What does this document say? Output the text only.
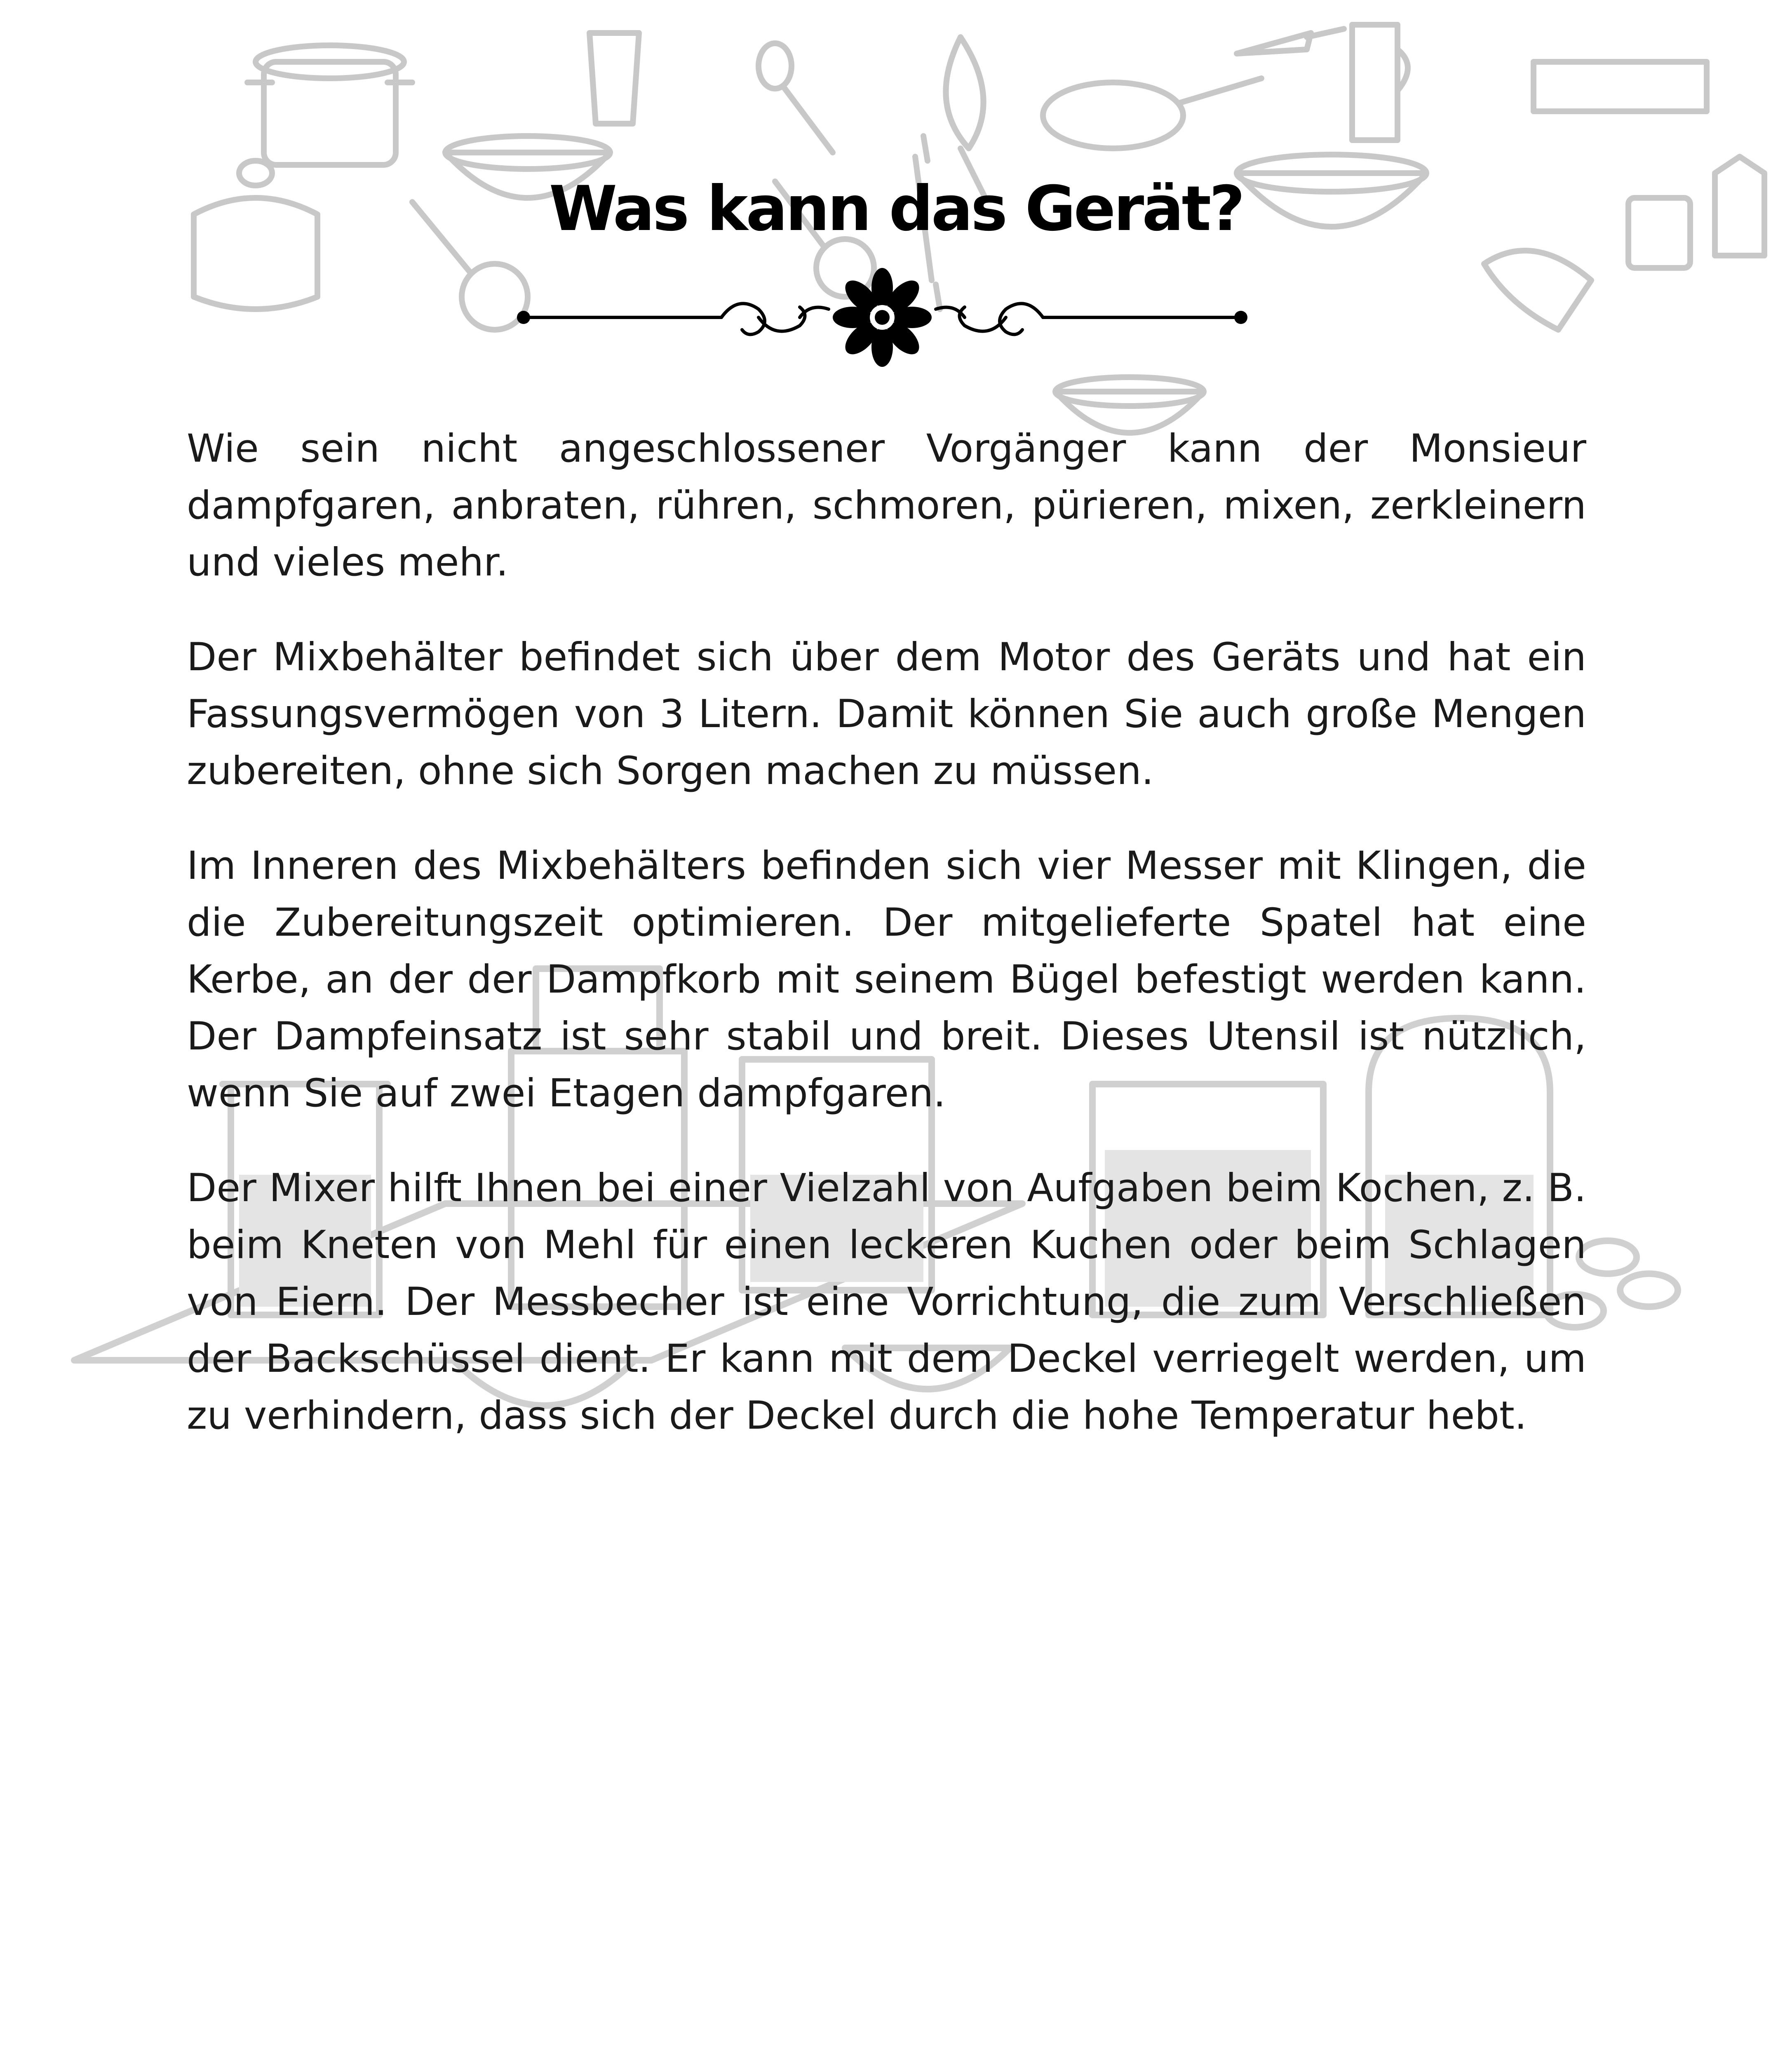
Was kann das Gerät?

Wie sein nicht angeschlossener Vorgänger kann der Monsieur dampfgaren, anbraten, rühren, schmoren, pürieren, mixen, zerkleinern und vieles mehr.

Der Mixbehälter befindet sich über dem Motor des Geräts und hat ein Fassungsvermögen von 3 Litern. Damit können Sie auch große Mengen zubereiten, ohne sich Sorgen machen zu müssen.

Im Inneren des Mixbehälters befinden sich vier Messer mit Klingen, die die Zubereitungszeit optimieren. Der mitgelieferte Spatel hat eine Kerbe, an der der Dampfkorb mit seinem Bügel befestigt werden kann. Der Dampfeinsatz ist sehr stabil und breit. Dieses Utensil ist nützlich, wenn Sie auf zwei Etagen dampfgaren.

Der Mixer hilft Ihnen bei einer Vielzahl von Aufgaben beim Kochen, z. B. beim Kneten von Mehl für einen leckeren Kuchen oder beim Schlagen von Eiern. Der Messbecher ist eine Vorrichtung, die zum Verschließen der Backschüssel dient. Er kann mit dem Deckel verriegelt werden, um zu verhindern, dass sich der Deckel durch die hohe Temperatur hebt.
